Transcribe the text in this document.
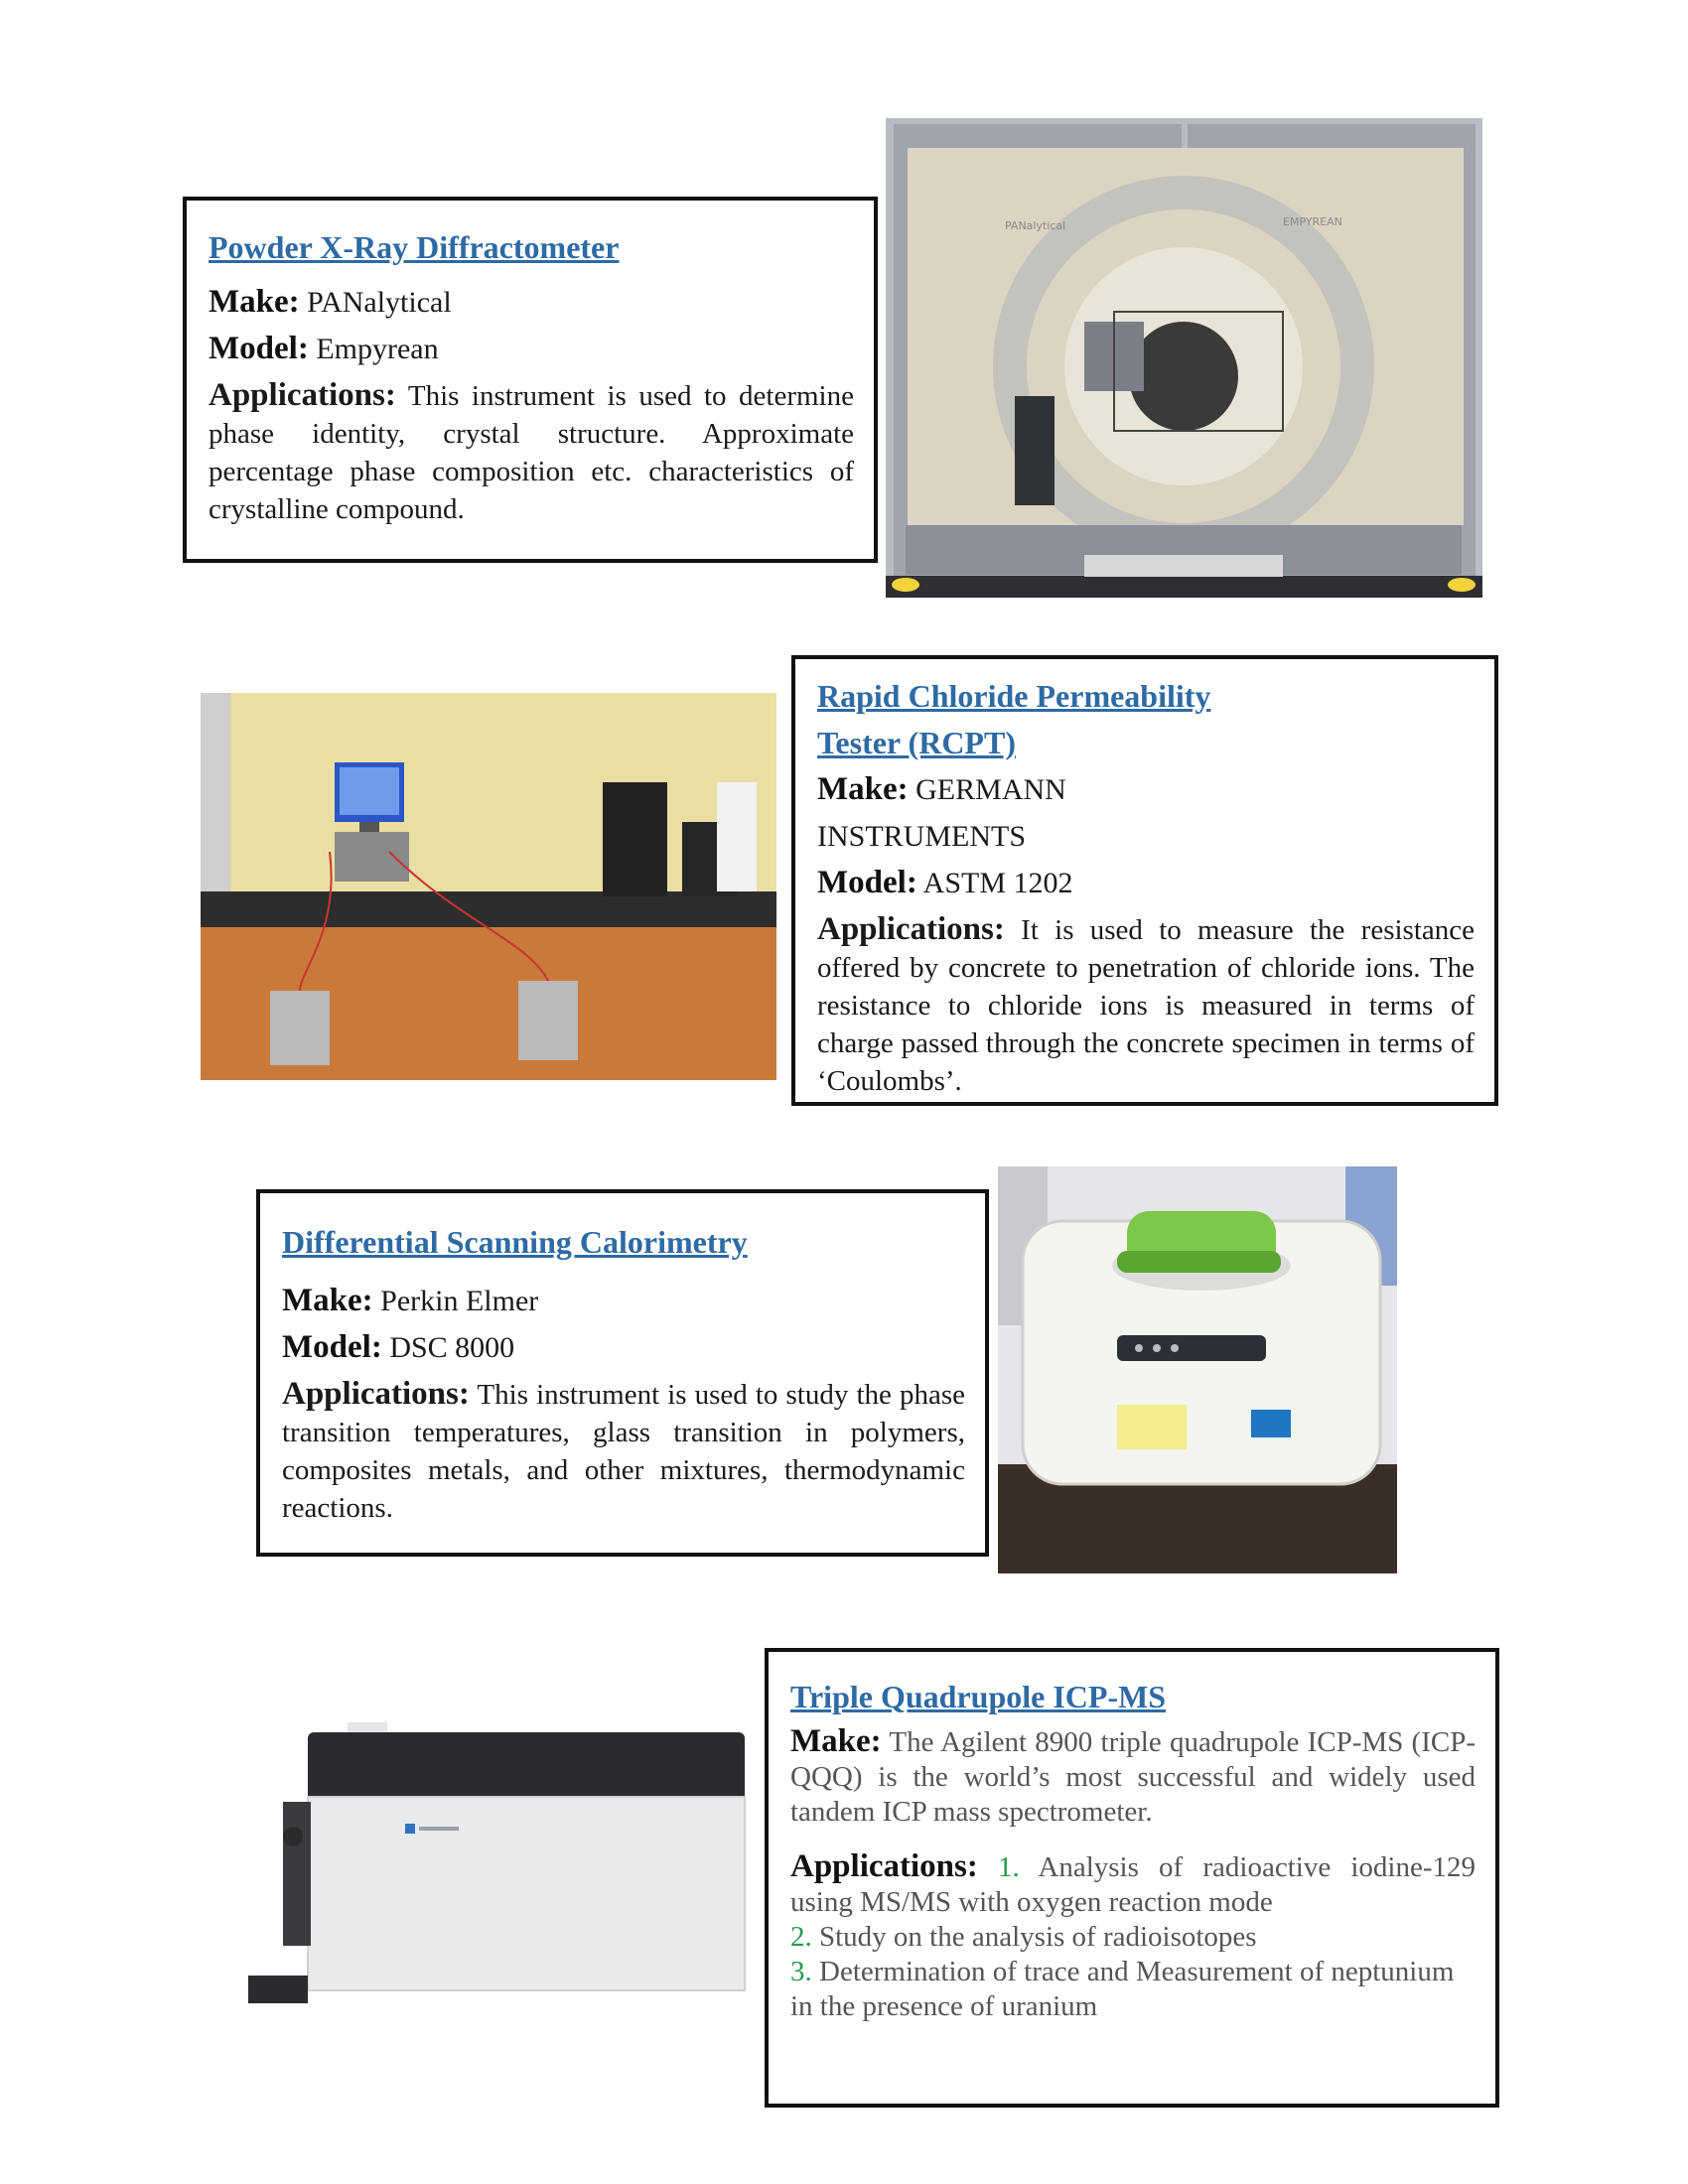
Powder X-Ray Diffractometer

Make: PANalytical

Model: Empyrean

Applications: This instrument is used to determine phase identity, crystal structure. Approximate percentage phase composition etc. characteristics of crystalline compound.

PANalytical	EMPYREAN

Rapid Chloride Permeability
Tester (RCPT)

Make: GERMANN

INSTRUMENTS

Model: ASTM 1202

Applications: It is used to measure the resistance offered by concrete to penetration of chloride ions. The resistance to chloride ions is measured in terms of charge passed through the concrete specimen in terms of ‘Coulombs’.

Differential Scanning Calorimetry

Make: Perkin Elmer

Model: DSC 8000

Applications: This instrument is used to study the phase transition temperatures, glass transition in polymers, composites metals, and other mixtures, thermodynamic reactions.

Triple Quadrupole ICP-MS

Make: The Agilent 8900 triple quadrupole ICP-MS (ICP-QQQ) is the world’s most successful and widely used tandem ICP mass spectrometer.

Applications: 1. Analysis of radioactive iodine-129 using MS/MS with oxygen reaction mode

2. Study on the analysis of radioisotopes

3. Determination of trace and Measurement of neptunium in the presence of uranium
